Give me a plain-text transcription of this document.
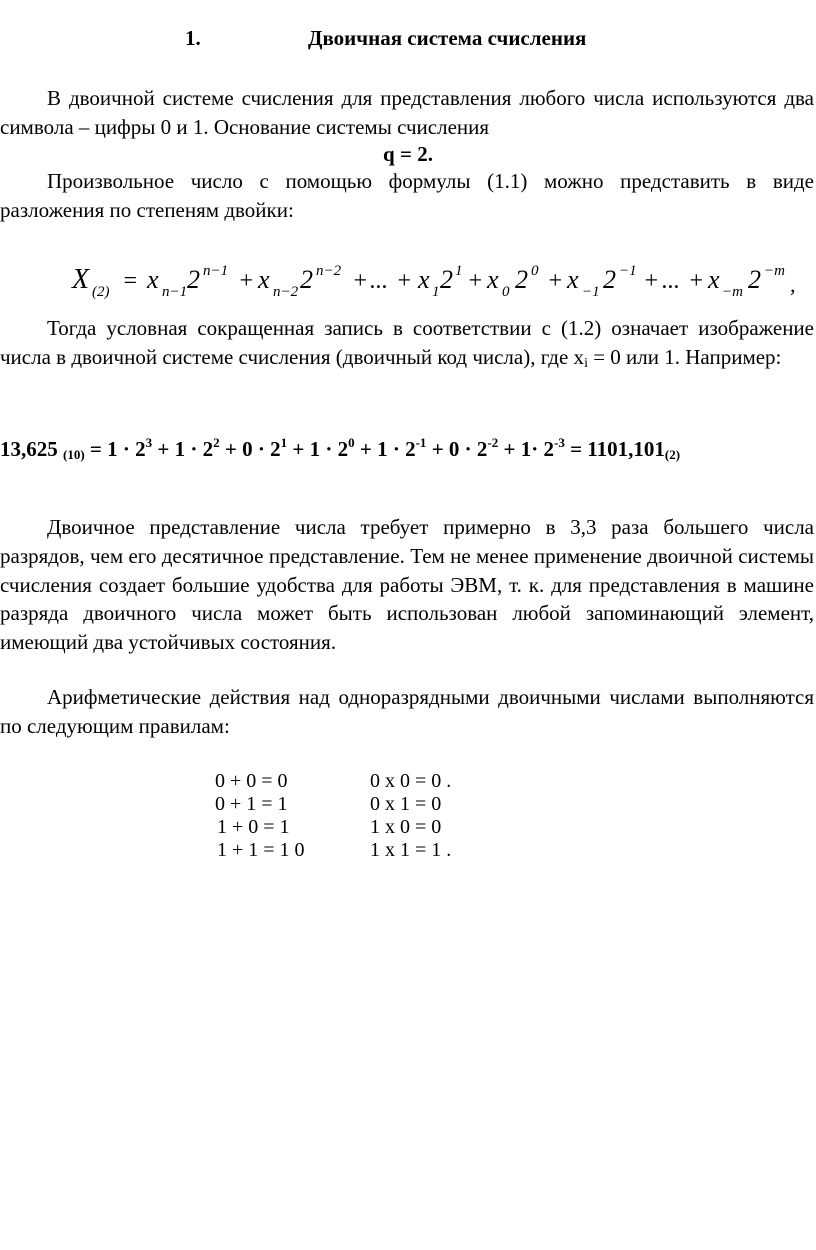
1.	Двоичная система счисления
В двоичной системе счисления для представления любого числа используются два символа – цифры 0 и 1. Основание системы счисления
q = 2.
Произвольное число с помощью формулы (1.1) можно представить в виде разложения по степеням двойки:
X (2) = x n−1 2 n−1 + x n−2 2 n−2 + ... + x 1 2 1 + x 0 2 0 + x −1 2 −1 + ... + x −m 2 −m
,
Тогда условная сокращенная запись в соответствии с (1.2) означает изображение числа в двоичной системе счисления (двоичный код числа), где xi = 0 или 1. Например:
13,625 $_{(10)} = 1 \cdot 2^3 + 1 \cdot 2^2 + 0 \cdot 2^1 + 1 \cdot 2^0 + 1 \cdot 2^{-1} + 0 \cdot 2^{-2} + 1\cdot 2^{-3} = 1101,101_{(2)}$
Двоичное представление числа требует примерно в 3,3 раза большего числа разрядов, чем его десятичное представление. Тем не менее применение двоичной системы счисления создает большие удобства для работы ЭВМ, т. к. для представления в машине разряда двоичного числа может быть использован любой запоминающий элемент, имеющий два устойчивых состояния.
Арифметические действия над одноразрядными двоичными числами выполняются по следующим правилам:
0 + 0 = 0	0 x 0 = 0 .
0 + 1 = 1	0 x 1 = 0
1 + 0 = 1	1 x 0 = 0
1 + 1 = 1 0	1 x 1 = 1 .
